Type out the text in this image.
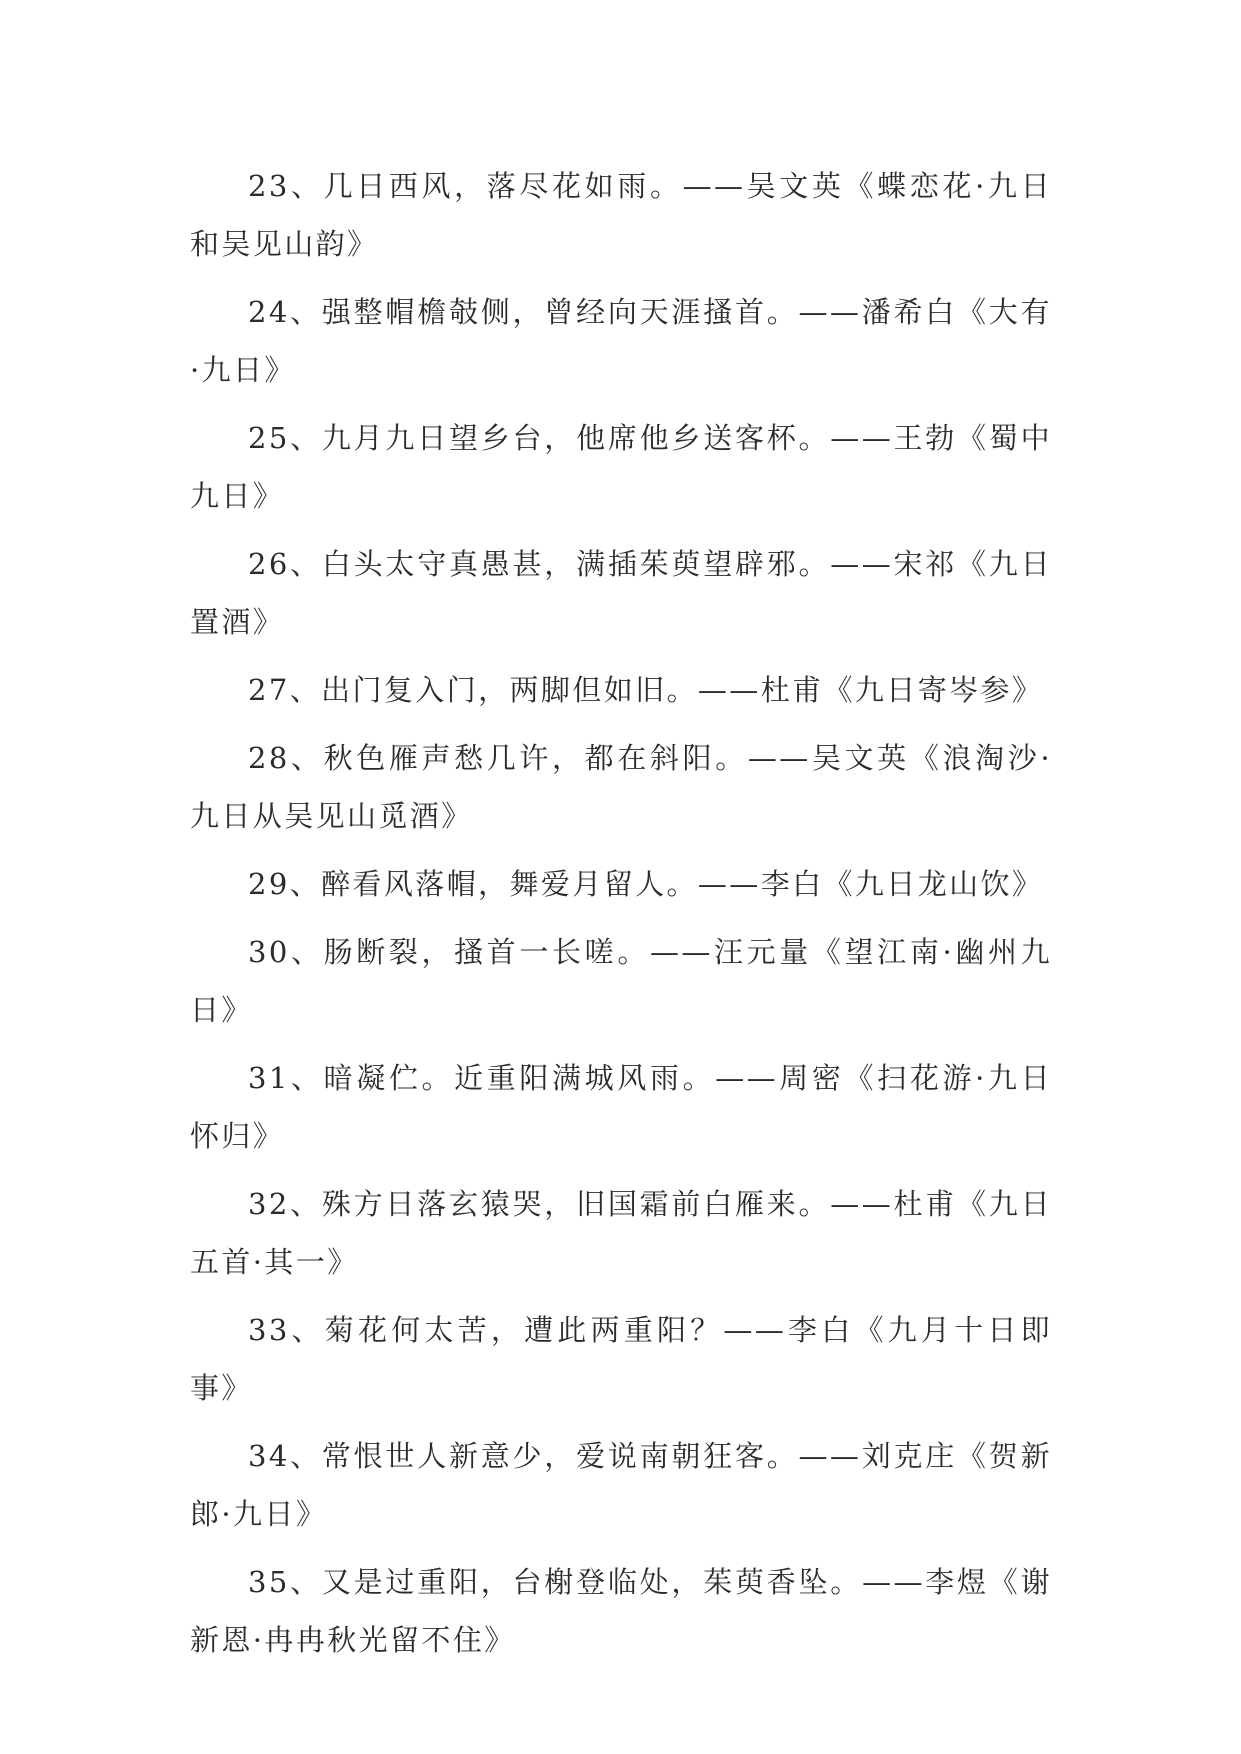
23、几日西风，落尽花如雨。——吴文英《蝶恋花·九日和吴见山韵》

24、强整帽檐攲侧，曾经向天涯搔首。——潘希白《大有·九日》

25、九月九日望乡台，他席他乡送客杯。——王勃《蜀中九日》

26、白头太守真愚甚，满插茱萸望辟邪。——宋祁《九日置酒》

27、出门复入门，两脚但如旧。——杜甫《九日寄岑参》

28、秋色雁声愁几许，都在斜阳。——吴文英《浪淘沙·九日从吴见山觅酒》

29、醉看风落帽，舞爱月留人。——李白《九日龙山饮》

30、肠断裂，搔首一长嗟。——汪元量《望江南·幽州九日》

31、暗凝伫。近重阳满城风雨。——周密《扫花游·九日怀归》

32、殊方日落玄猿哭，旧国霜前白雁来。——杜甫《九日五首·其一》

33、菊花何太苦，遭此两重阳？——李白《九月十日即事》

34、常恨世人新意少，爱说南朝狂客。——刘克庄《贺新郎·九日》

35、又是过重阳，台榭登临处，茱萸香坠。——李煜《谢新恩·冉冉秋光留不住》
